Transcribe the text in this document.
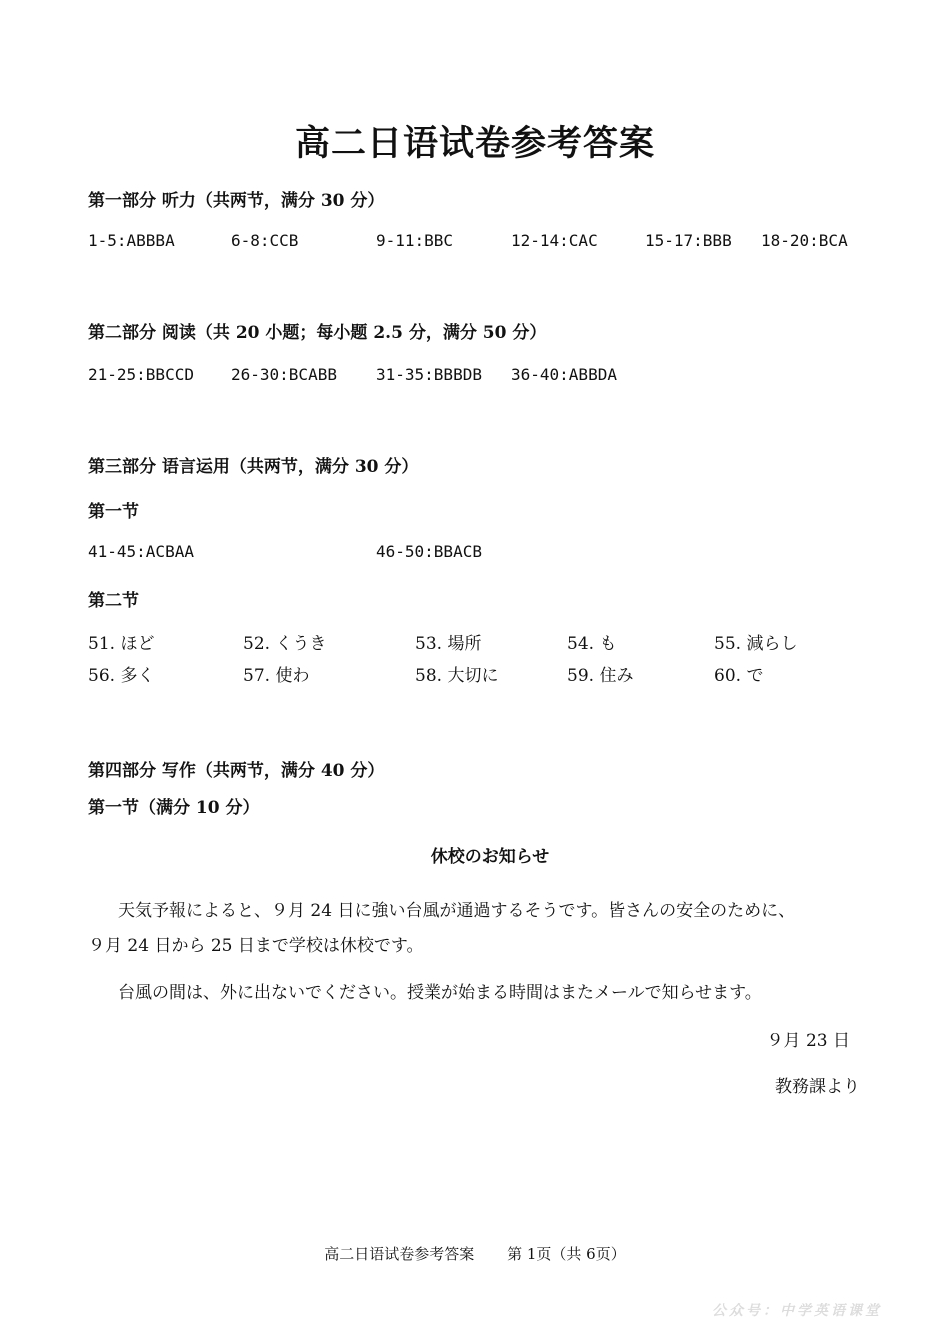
高二日语试卷参考答案
第一部分 听力（共两节，满分 30 分）
1-5:ABBBA	6-8:CCB	9-11:BBC	12-14:CAC	15-17:BBB 18-20:BCA
第二部分 阅读（共 20 小题；每小题 2.5 分，满分 50 分）
21-25:BBCCD 26-30:BCABB 31-35:BBBDB 36-40:ABBDA
第三部分 语言运用（共两节，满分 30 分）
第一节
41-45:ACBAA	46-50:BBACB
第二节
51. ほど	52. くうき	53. 場所	54. も	55. 減らし
56. 多く	57. 使わ	58. 大切に	59. 住み	60. で
第四部分 写作（共两节，满分 40 分）
第一节（满分 10 分）
休校のお知らせ
天気予報によると、９月 24 日に強い台風が通過するそうです。皆さんの安全のために、
９月 24 日から 25 日まで学校は休校です。
台風の間は、外に出ないでください。授業が始まる時間はまたメールで知らせます。
９月 23 日
教務課より
高二日语试卷参考答案 第 1页（共 6页）
公众号：中学英语课堂
